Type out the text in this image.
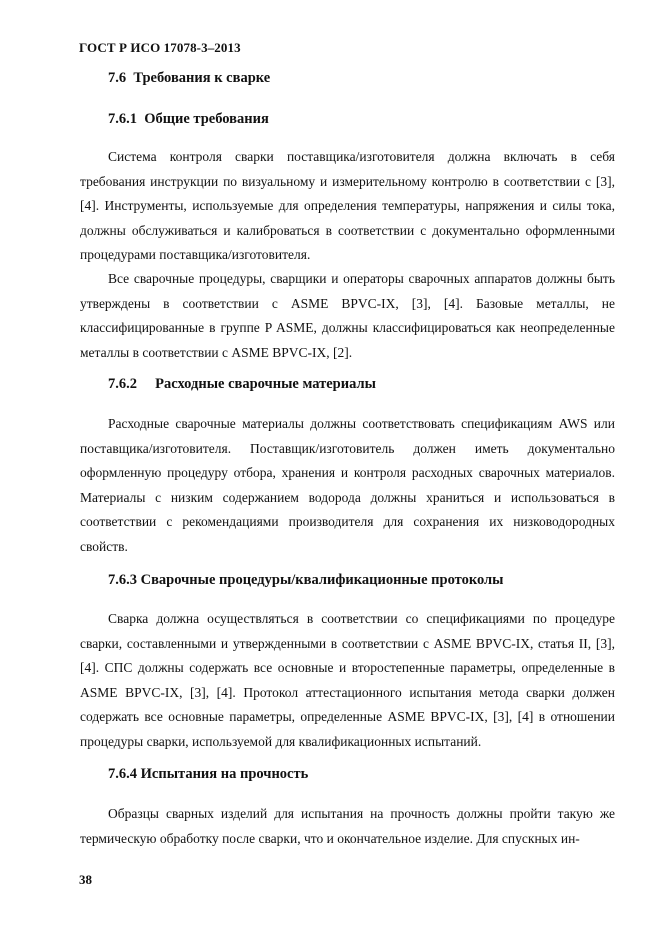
ГОСТ Р ИСО 17078-3–2013
7.6 Требования к сварке
7.6.1 Общие требования
Система контроля сварки поставщика/изготовителя должна включать в себя требования инструкции по визуальному и измерительному контролю в соответствии с [3], [4]. Инструменты, используемые для определения температуры, напряжения и силы тока, должны обслуживаться и калиброваться в соответствии с документально оформленными процедурами поставщика/изготовителя.
Все сварочные процедуры, сварщики и операторы сварочных аппаратов должны быть утверждены в соответствии с ASME BPVC-IX, [3], [4]. Базовые металлы, не классифицированные в группе P ASME, должны классифицироваться как неопределенные металлы в соответствии с ASME BPVC-IX, [2].
7.6.2 Расходные сварочные материалы
Расходные сварочные материалы должны соответствовать спецификациям AWS или поставщика/изготовителя. Поставщик/изготовитель должен иметь документально оформленную процедуру отбора, хранения и контроля расходных сварочных материалов. Материалы с низким содержанием водорода должны храниться и использоваться в соответствии с рекомендациями производителя для сохранения их низководородных свойств.
7.6.3 Сварочные процедуры/квалификационные протоколы
Сварка должна осуществляться в соответствии со спецификациями по процедуре сварки, составленными и утвержденными в соответствии с ASME BPVC-IX, статья II, [3], [4]. СПС должны содержать все основные и второстепенные параметры, определенные в ASME BPVC-IX, [3], [4]. Протокол аттестационного испытания метода сварки должен содержать все основные параметры, определенные ASME BPVC-IX, [3], [4] в отношении процедуры сварки, используемой для квалификационных испытаний.
7.6.4 Испытания на прочность
Образцы сварных изделий для испытания на прочность должны пройти такую же термическую обработку после сварки, что и окончательное изделие. Для спускных ин-
38
